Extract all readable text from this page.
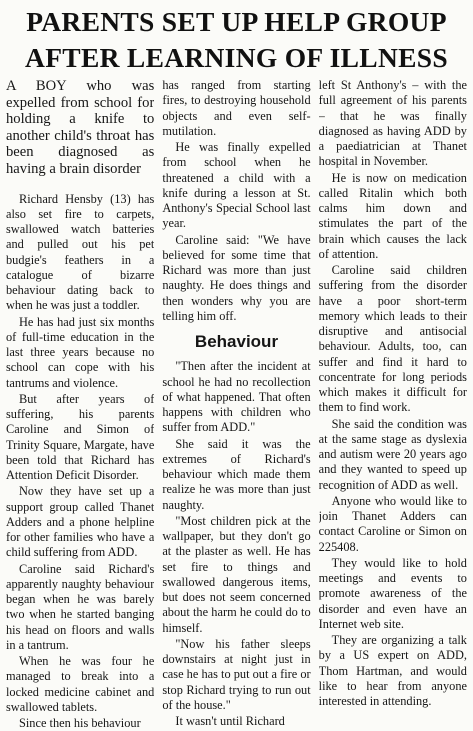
PARENTS SET UP HELP GROUP
AFTER LEARNING OF ILLNESS

A BOY who was expelled from school for holding a knife to another child's throat has been diagnosed as having a brain disorder

Richard Hensby (13) has also set fire to carpets, swallowed watch batteries and pulled out his pet budgie's feathers in a catalogue of bizarre behaviour dating back to when he was just a toddler.

He has had just six months of full-time education in the last three years because no school can cope with his tantrums and violence.

But after years of suffering, his parents Caroline and Simon of Trinity Square, Margate, have been told that Richard has Attention Deficit Disorder.

Now they have set up a support group called Thanet Adders and a phone helpline for other families who have a child suffering from ADD.

Caroline said Richard's apparently naughty behaviour began when he was barely two when he started banging his head on floors and walls in a tantrum.

When he was four he managed to break into a locked medicine cabinet and swallowed tablets.

Since then his behaviour

has ranged from starting fires, to destroying household objects and even self-mutilation.

He was finally expelled from school when he threatened a child with a knife during a lesson at St. Anthony's Special School last year.

Caroline said: "We have believed for some time that Richard was more than just naughty. He does things and then wonders why you are telling him off.

Behaviour

"Then after the incident at school he had no recollection of what happened. That often happens with children who suffer from ADD."

She said it was the extremes of Richard's behaviour which made them realize he was more than just naughty.

"Most children pick at the wallpaper, but they don't go at the plaster as well. He has set fire to things and swallowed dangerous items, but does not seem concerned about the harm he could do to himself.

"Now his father sleeps downstairs at night just in case he has to put out a fire or stop Richard trying to run out of the house."

It wasn't until Richard

left St Anthony's – with the full agreement of his parents – that he was finally diagnosed as having ADD by a paediatrician at Thanet hospital in November.

He is now on medication called Ritalin which both calms him down and stimulates the part of the brain which causes the lack of attention.

Caroline said children suffering from the disorder have a poor short-term memory which leads to their disruptive and antisocial behaviour. Adults, too, can suffer and find it hard to concentrate for long periods which makes it difficult for them to find work.

She said the condition was at the same stage as dyslexia and autism were 20 years ago and they wanted to speed up recognition of ADD as well.

Anyone who would like to join Thanet Adders can contact Caroline or Simon on 225408.

They would like to hold meetings and events to promote awareness of the disorder and even have an Internet web site.

They are organizing a talk by a US expert on ADD, Thom Hartman, and would like to hear from anyone interested in attending.
